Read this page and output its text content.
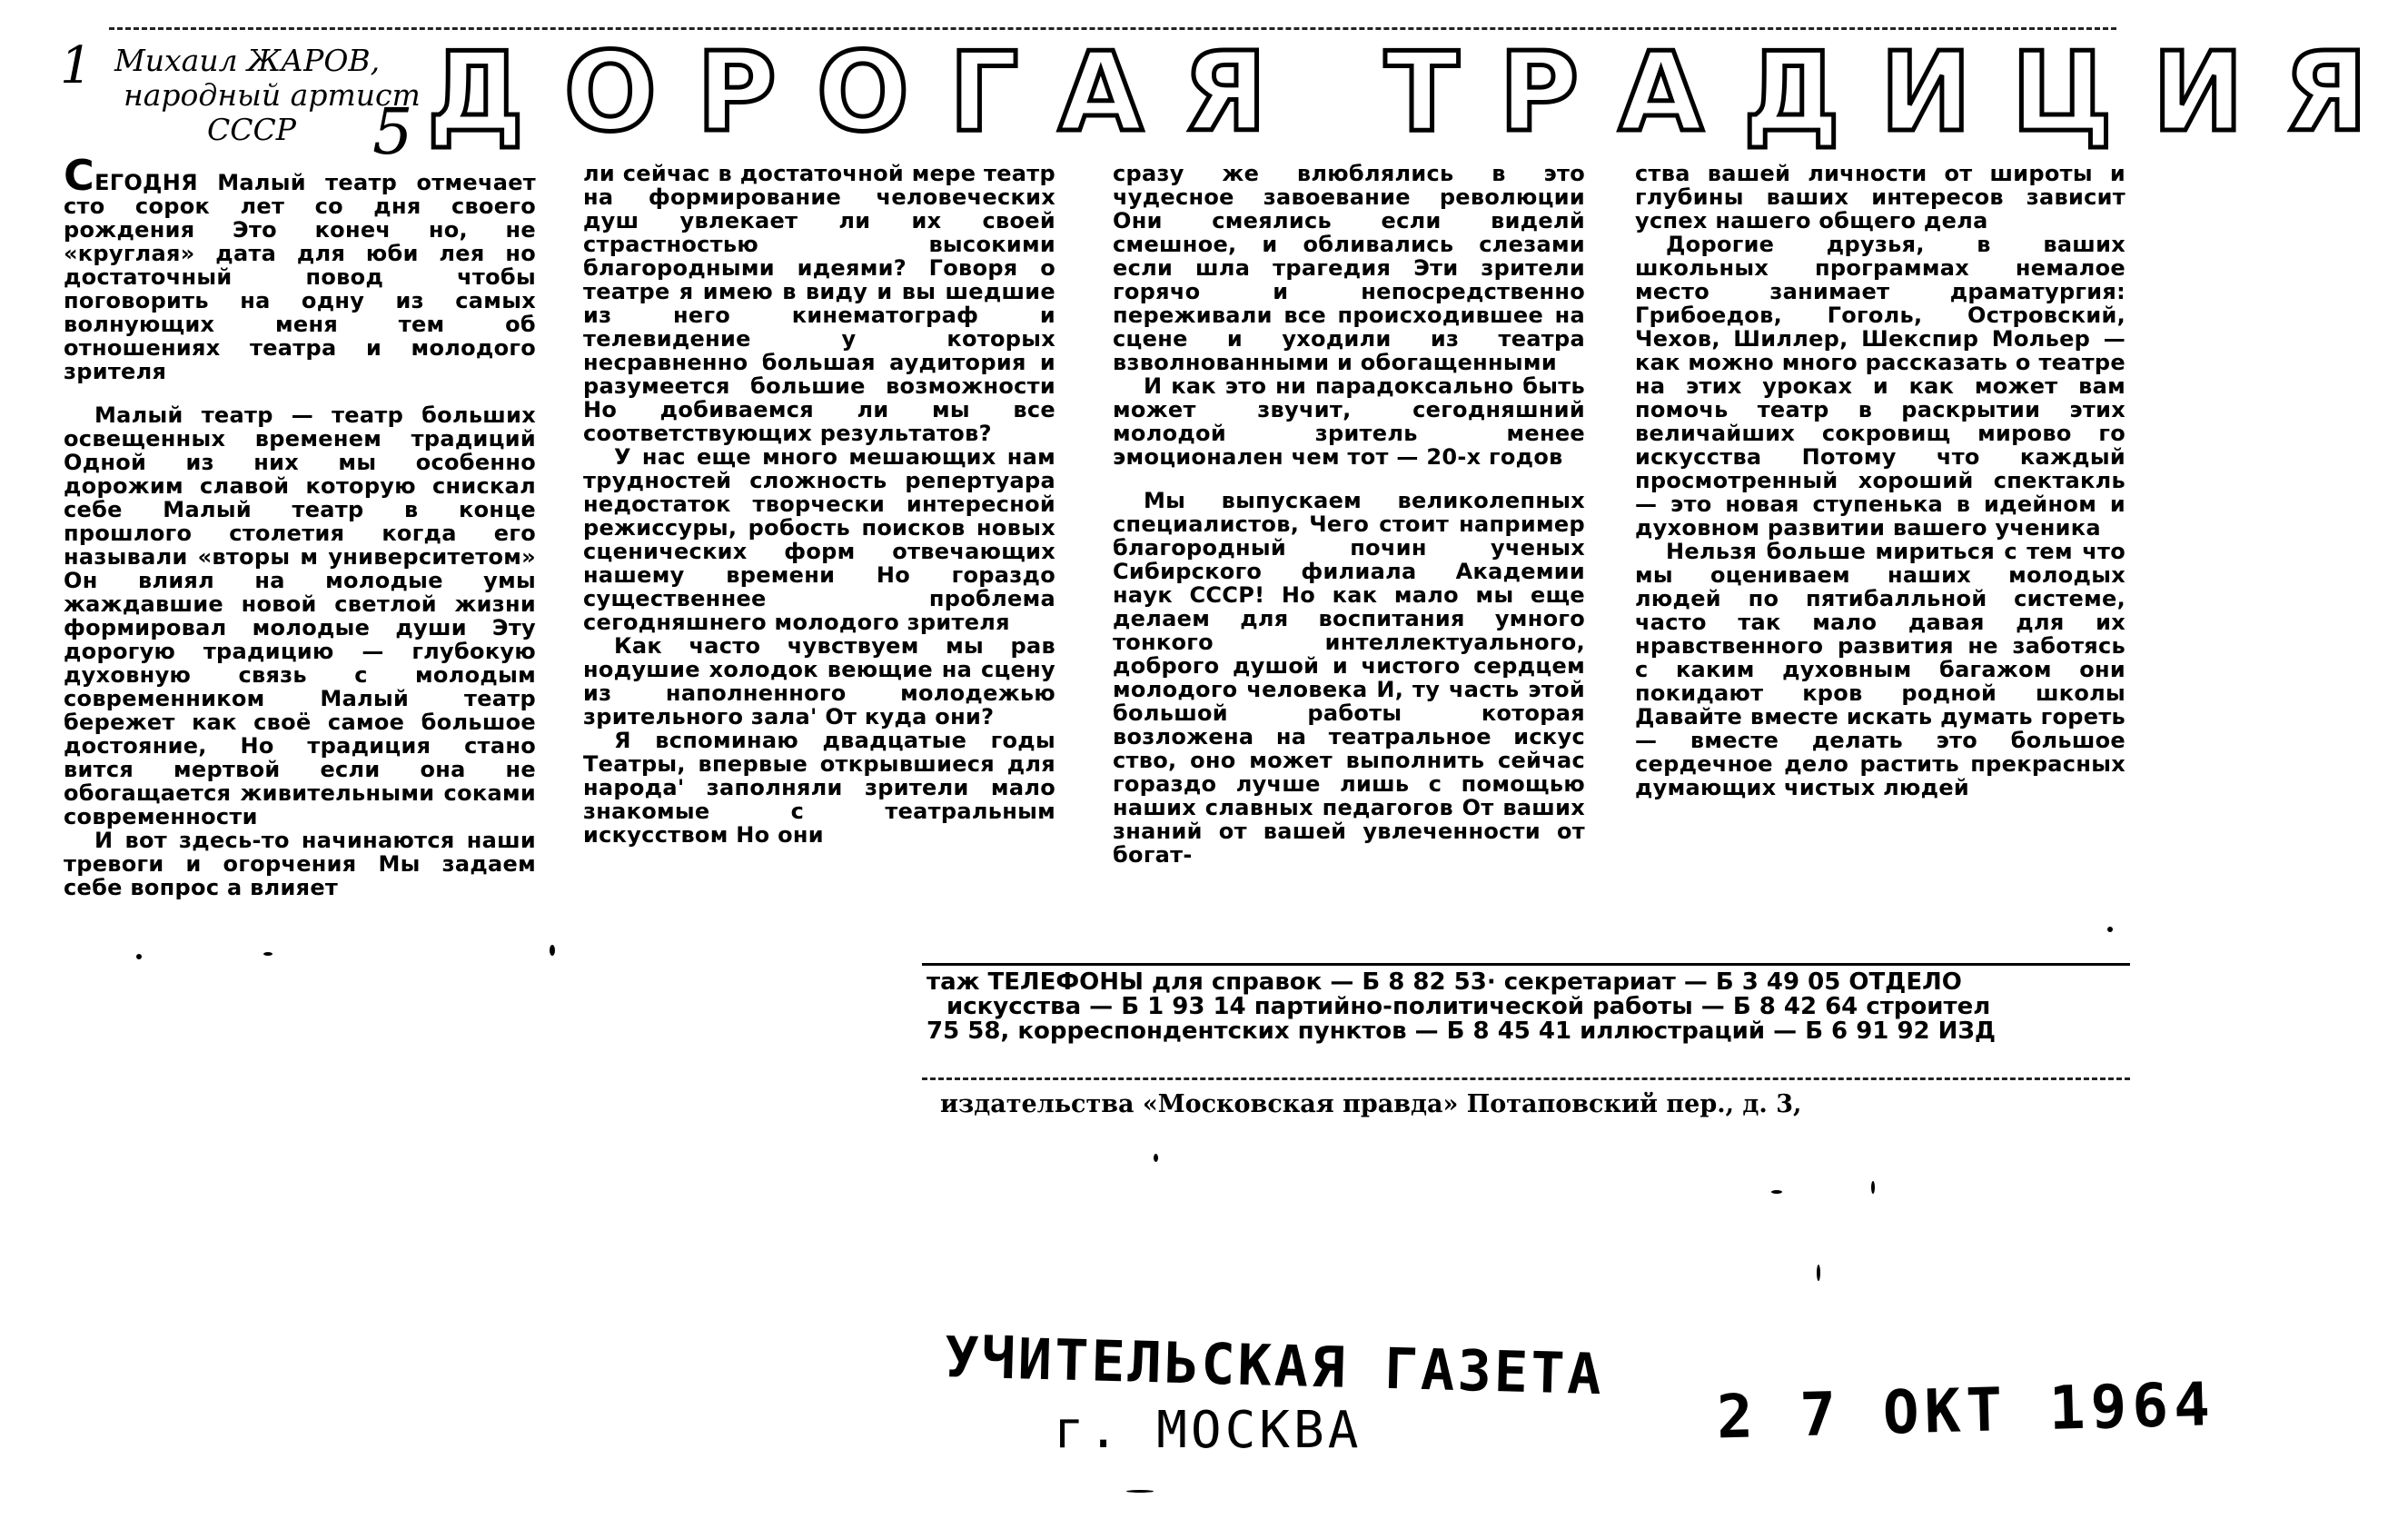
1 Михаил ЖАРОВ,
народный артист
СССР	5 ДОРОГАЯ ТРАДИЦИЯ

СЕГОДНЯ Малый театр отмечает сто сорок лет со дня своего рождения Это конеч но, не «круглая» дата для юби лея но достаточный повод чтобы поговорить на одну из самых волнующих меня тем об отношениях театра и молодого зрителя

Малый театр — театр больших освещенных временем традиций Одной из них мы особенно дорожим славой которую снискал себе Малый театр в конце прошлого столетия когда его называли «вторы м университетом» Он влиял на молодые умы жаждавшие новой светлой жизни формировал молодые души Эту дорогую традицию — глубокую духовную связь с молодым современником Малый театр бережет как своё самое большое достояние, Но традиция стано вится мертвой если она не обогащается живительными соками современности

И вот здесь-то начинаются наши тревоги и огорчения Мы задаем себе вопрос а влияет

ли сейчас в достаточной мере театр на формирование человеческих душ увлекает ли их своей страстностью высокими благородными идеями? Говоря о театре я имею в виду и вы шедшие из него кинематограф и телевидение у которых несравненно большая аудитория и разумеется большие возможности Но добиваемся ли мы все соответствующих результатов?

У нас еще много мешающих нам трудностей сложность репертуара недостаток творчески интересной режиссуры, робость поисков новых сценических форм отвечающих нашему времени Но гораздо существеннее проблема сегодняшнего молодого зрителя

Как часто чувствуем мы рав нодушие холодок веющие на сцену из наполненного молодежью зрительного зала' От куда они?

Я вспоминаю двадцатые годы Театры, впервые открывшиеся для народа' заполняли зрители мало знакомые с театральным искусством Но они

сразу же влюблялись в это чудесное завоевание революции Они смеялись если виделй смешное, и обливались слезами если шла трагедия Эти зрители горячо и непосредственно переживали все происходившее на сцене и уходили из театра взволнованными и обогащенными

И как это ни парадоксально быть может звучит, сегодняшний молодой зритель менее эмоционален чем тот — 20-х годов

Мы выпускаем великолепных специалистов, Чего стоит например благородный почин ученых Сибирского филиала Академии наук СССР! Но как мало мы еще делаем для воспитания умного тонкого интеллектуального, доброго душой и чистого сердцем молодого человека И, ту часть этой большой работы которая возложена на театральное искус ство, оно может выполнить сейчас гораздо лучше лишь с помощью наших славных педагогов От ваших знаний от вашей увлеченности от богат-

ства вашей личности от широты и глубины ваших интересов зависит успех нашего общего дела

Дорогие друзья, в ваших школьных программах немалое место занимает драматургия: Грибоедов, Гоголь, Островский, Чехов, Шиллер, Шекспир Мольер — как можно много рассказать о театре на этих уроках и как может вам помочь театр в раскрытии этих величайших сокровищ мирово го искусства Потому что каждый просмотренный хороший спектакль — это новая ступенька в идейном и духовном развитии вашего ученика

Нельзя больше мириться с тем что мы оцениваем наших молодых людей по пятибалльной системе, часто так мало давая для их нравственного развития не заботясь с каким духовным багажом они покидают кров родной школы Давайте вместе искать думать гореть — вместе делать это большое сердечное дело растить прекрасных думающих чистых людей

таж ТЕЛЕФОНЫ для справок — Б 8 82 53· секретариат — Б 3 49 05 ОТДЕЛО
искусства — Б 1 93 14 партийно-политической работы — Б 8 42 64 строител
75 58, корреспондентских пунктов — Б 8 45 41 иллюстраций — Б 6 91 92 ИЗД
издательства «Московская правда» Потаповский пер., д. 3,
УЧИТЕЛЬСКАЯ ГАЗЕТА
г. МОСКВА	2 7 ОКТ 1964
